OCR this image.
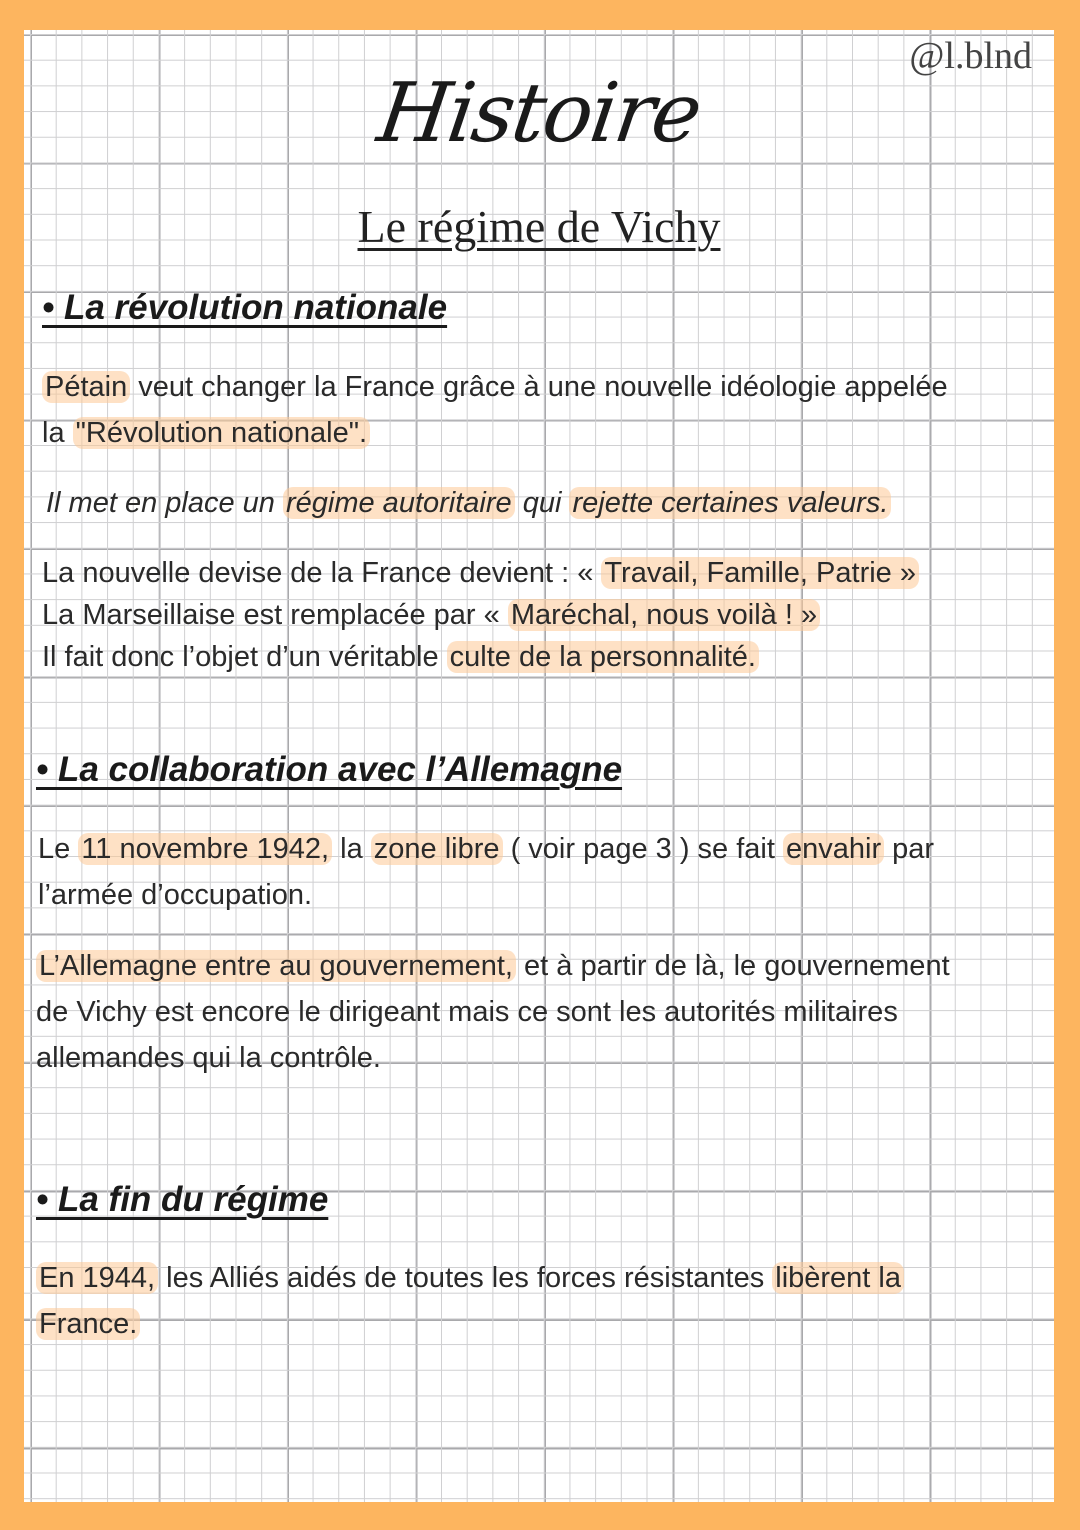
@l.blnd
Histoire
Le régime de Vichy
• La révolution nationale
Pétain veut changer la France grâce à une nouvelle idéologie appelée
la "Révolution nationale".
Il met en place un régime autoritaire qui rejette certaines valeurs.
La nouvelle devise de la France devient : « Travail, Famille, Patrie »
La Marseillaise est remplacée par « Maréchal, nous voilà ! »
Il fait donc l’objet d’un véritable culte de la personnalité.
• La collaboration avec l’Allemagne
Le 11 novembre 1942, la zone libre ( voir page 3 ) se fait envahir par
l’armée d’occupation.
L’Allemagne entre au gouvernement, et à partir de là, le gouvernement
de Vichy est encore le dirigeant mais ce sont les autorités militaires
allemandes qui la contrôle.
• La fin du régime
En 1944, les Alliés aidés de toutes les forces résistantes libèrent la
France.
